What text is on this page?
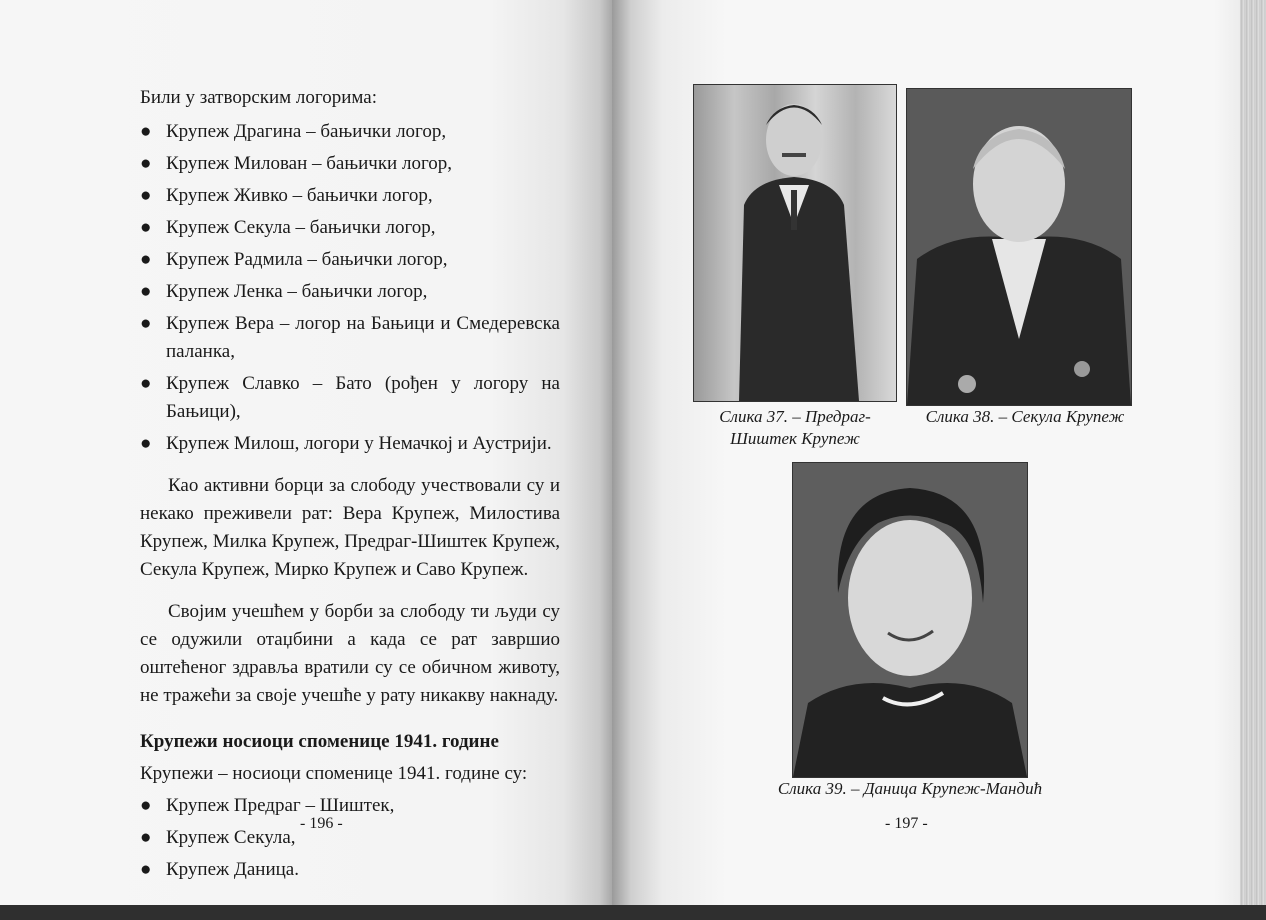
Били у затворским логорима:

● Крупеж Драгина – бањички логор,
● Крупеж Милован – бањички логор,
● Крупеж Живко – бањички логор,
● Крупеж Секула – бањички логор,
● Крупеж Радмила – бањички логор,
● Крупеж Ленка – бањички логор,
● Крупеж Вера – логор на Бањици и Смедеревска паланка,
● Крупеж Славко – Бато (рођен у логору на Бањици),
● Крупеж Милош, логори у Немачкој и Аустрији.

Као активни борци за слободу учествовали су и некако преживели рат: Вера Крупеж, Милостива Крупеж, Милка Крупеж, Предраг-Шиштек Крупеж, Секула Крупеж, Мирко Крупеж и Саво Крупеж.

Својим учешћем у борби за слободу ти људи су се одужили отаџбини а када се рат завршио оштећеног здравља вратили су се обичном животу, не тражећи за своје учешће у рату никакву накнаду.

Крупежи носиоци споменице 1941. године

Крупежи – носиоци споменице 1941. године су:

● Крупеж Предраг – Шиштек,
● Крупеж Секула,
● Крупеж Даница.
- 196 -
Слика 37. – Предраг-Шиштек Крупеж
Слика 38. – Секула Крупеж
Слика 39. – Даница Крупеж-Мандић
- 197 -
